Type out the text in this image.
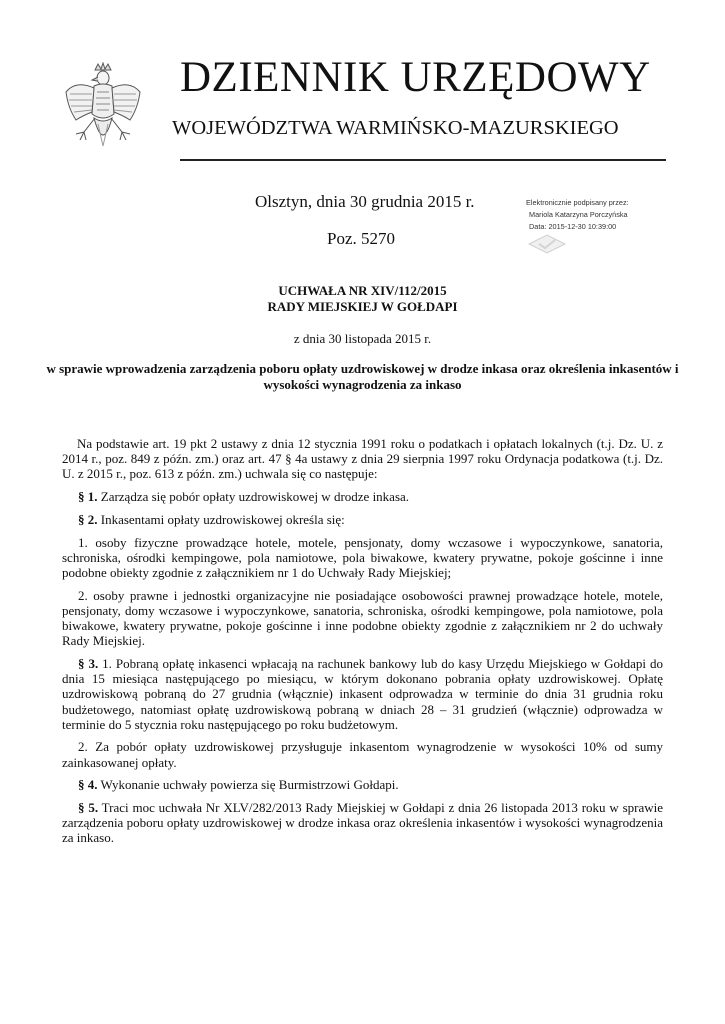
DZIENNIK URZĘDOWY
WOJEWÓDZTWA WARMIŃSKO-MAZURSKIEGO
Olsztyn, dnia 30 grudnia 2015 r.
Poz. 5270
Elektronicznie podpisany przez:
Mariola Katarzyna Porczyńska
Data: 2015-12-30 10:39:00
UCHWAŁA NR XIV/112/2015
RADY MIEJSKIEJ W GOŁDAPI
z dnia 30 listopada 2015 r.
w sprawie wprowadzenia zarządzenia poboru opłaty uzdrowiskowej w drodze inkasa oraz określenia inkasentów i wysokości wynagrodzenia za inkaso

Na podstawie art. 19 pkt 2 ustawy z dnia 12 stycznia 1991 roku o podatkach i opłatach lokalnych (t.j. Dz. U. z 2014 r., poz. 849 z późn. zm.) oraz art. 47 § 4a ustawy z dnia 29 sierpnia 1997 roku Ordynacja podatkowa (t.j. Dz. U. z 2015 r., poz. 613 z późn. zm.) uchwala się co następuje:

§ 1. Zarządza się pobór opłaty uzdrowiskowej w drodze inkasa.

§ 2. Inkasentami opłaty uzdrowiskowej określa się:

1. osoby fizyczne prowadzące hotele, motele, pensjonaty, domy wczasowe i wypoczynkowe, sanatoria, schroniska, ośrodki kempingowe, pola namiotowe, pola biwakowe, kwatery prywatne, pokoje gościnne i inne podobne obiekty zgodnie z załącznikiem nr 1 do Uchwały Rady Miejskiej;

2. osoby prawne i jednostki organizacyjne nie posiadające osobowości prawnej prowadzące hotele, motele, pensjonaty, domy wczasowe i wypoczynkowe, sanatoria, schroniska, ośrodki kempingowe, pola namiotowe, pola biwakowe, kwatery prywatne, pokoje gościnne i inne podobne obiekty zgodnie z załącznikiem nr 2 do uchwały Rady Miejskiej.

§ 3. 1. Pobraną opłatę inkasenci wpłacają na rachunek bankowy lub do kasy Urzędu Miejskiego w Gołdapi do dnia 15 miesiąca następującego po miesiącu, w którym dokonano pobrania opłaty uzdrowiskowej. Opłatę uzdrowiskową pobraną do 27 grudnia (włącznie) inkasent odprowadza w terminie do dnia 31 grudnia roku budżetowego, natomiast opłatę uzdrowiskową pobraną w dniach 28 – 31 grudzień (włącznie) odprowadza w terminie do 5 stycznia roku następującego po roku budżetowym.

2. Za pobór opłaty uzdrowiskowej przysługuje inkasentom wynagrodzenie w wysokości 10% od sumy zainkasowanej opłaty.

§ 4. Wykonanie uchwały powierza się Burmistrzowi Gołdapi.

§ 5. Traci moc uchwała Nr XLV/282/2013 Rady Miejskiej w Gołdapi z dnia 26 listopada 2013 roku w sprawie zarządzenia poboru opłaty uzdrowiskowej w drodze inkasa oraz określenia inkasentów i wysokości wynagrodzenia za inkaso.
